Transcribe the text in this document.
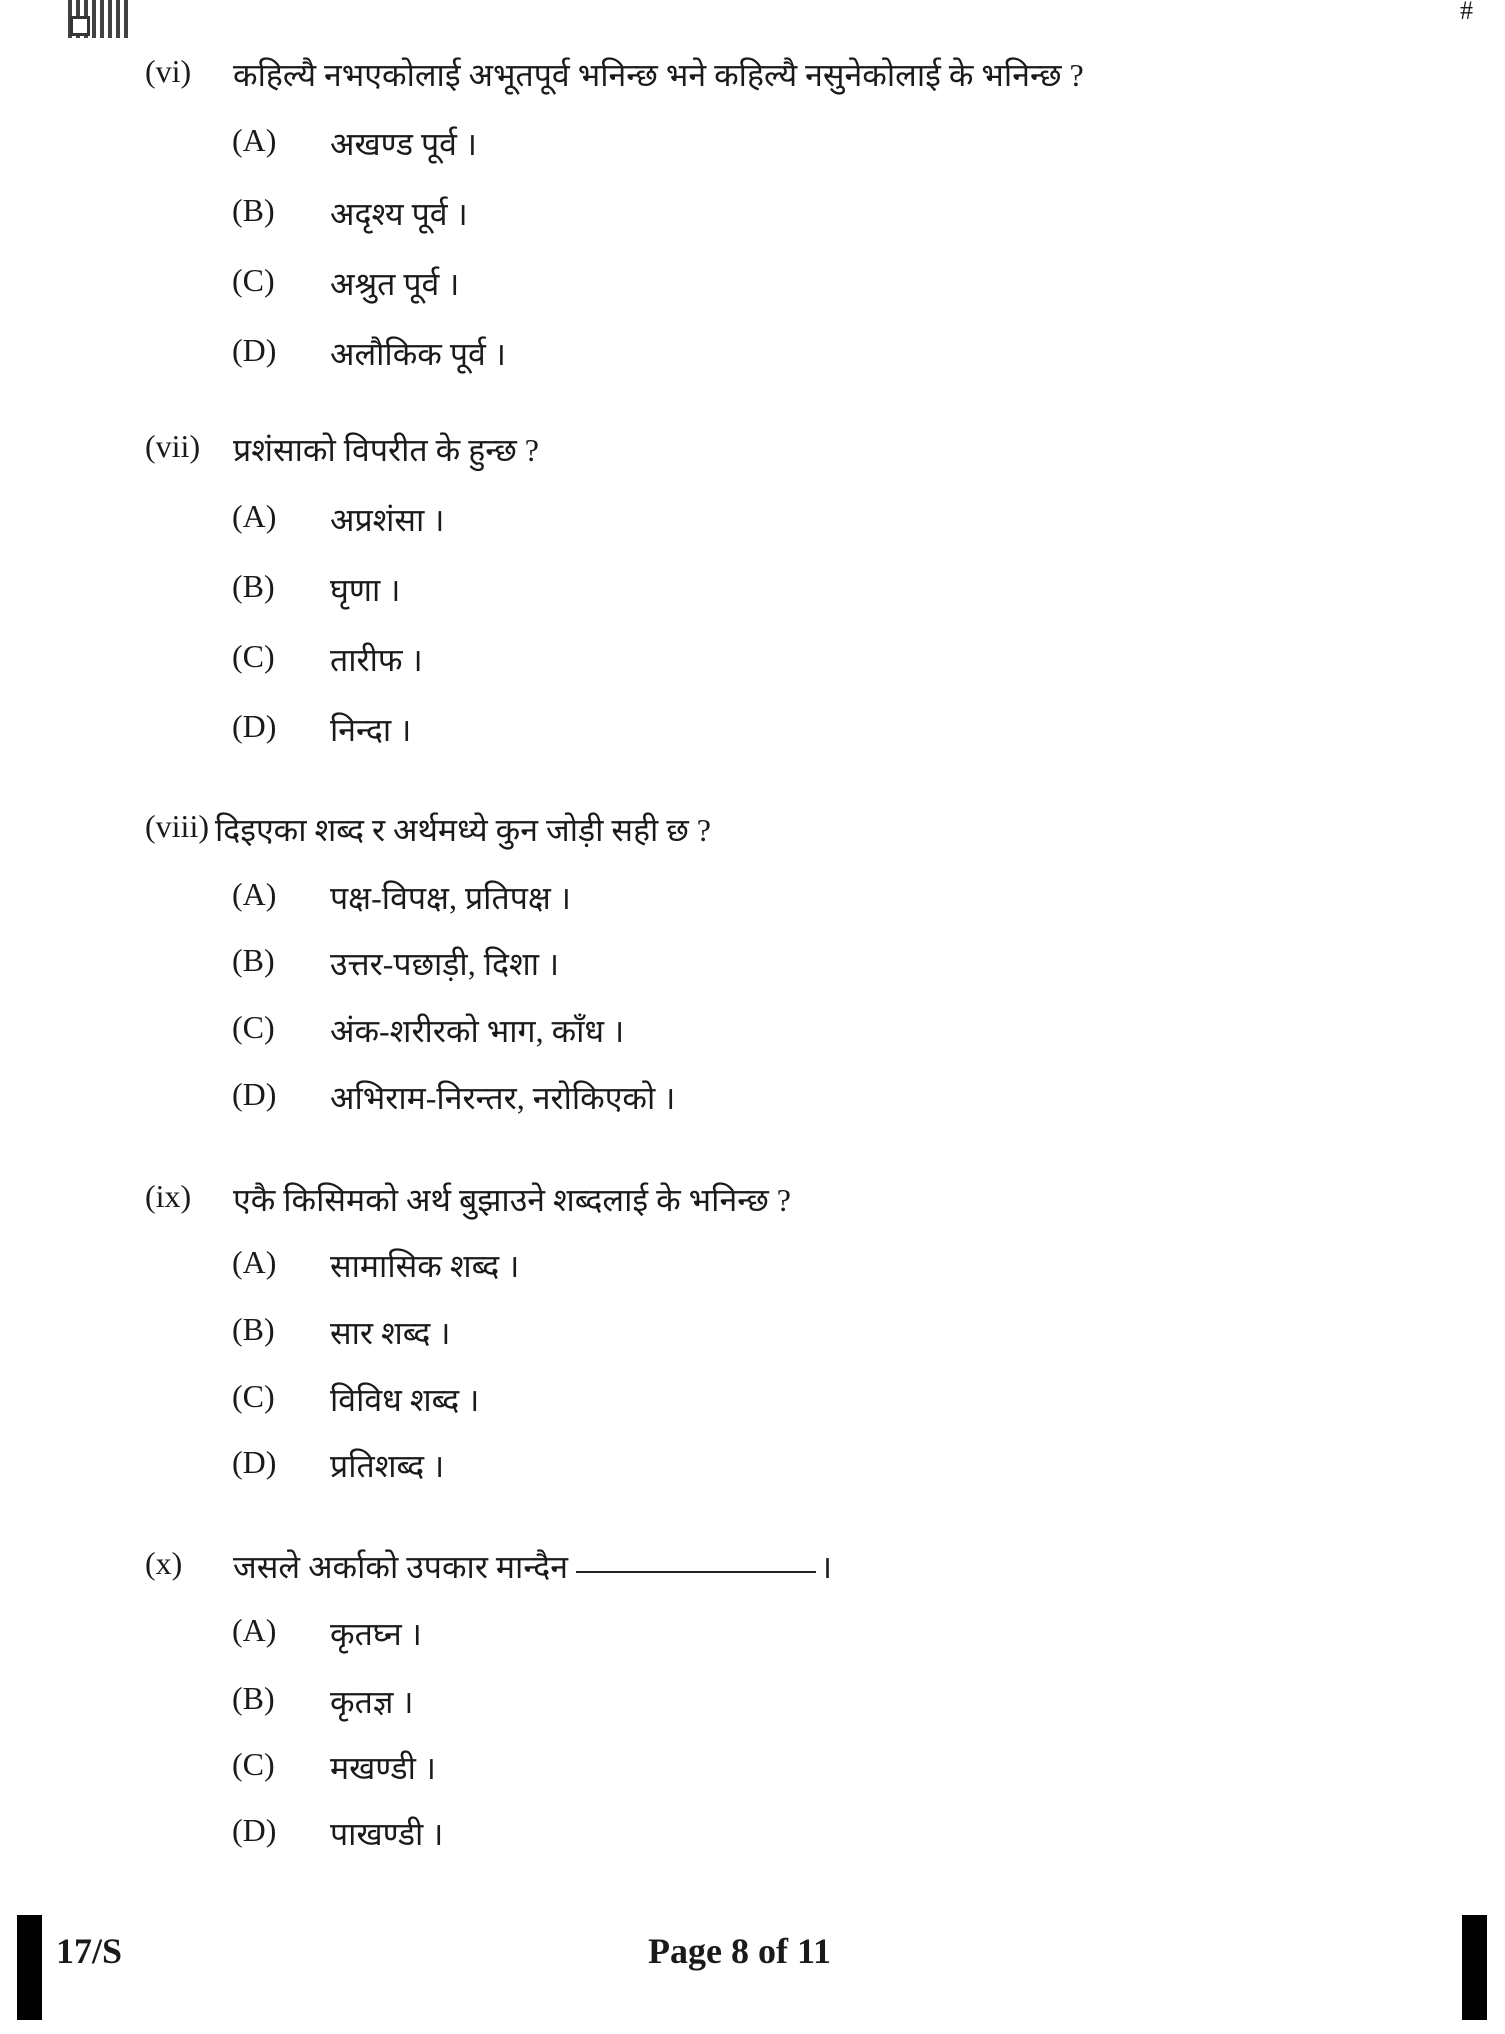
#
(vi)	कहिल्यै नभएकोलाई अभूतपूर्व भनिन्छ भने कहिल्यै नसुनेकोलाई के भनिन्छ ?
(A)	अखण्ड पूर्व ।
(B)	अदृश्य पूर्व ।
(C)	अश्रुत पूर्व ।
(D)	अलौकिक पूर्व ।
(vii)	प्रशंसाको विपरीत के हुन्छ ?
(A)	अप्रशंसा ।
(B)	घृणा ।
(C)	तारीफ ।
(D)	निन्दा ।
(viii) दिइएका शब्द र अर्थमध्ये कुन जोड़ी सही छ ?
(A)	पक्ष-विपक्ष, प्रतिपक्ष ।
(B)	उत्तर-पछाड़ी, दिशा ।
(C)	अंक-शरीरको भाग, काँध ।
(D)	अभिराम-निरन्तर, नरोकिएको ।
(ix)	एकै किसिमको अर्थ बुझाउने शब्दलाई के भनिन्छ ?
(A)	सामासिक शब्द ।
(B)	सार शब्द ।
(C)	विविध शब्द ।
(D)	प्रतिशब्द ।
(x)	जसले अर्काको उपकार मान्दैन	।
(A)	कृतघ्न ।
(B)	कृतज्ञ ।
(C)	मखण्डी ।
(D)	पाखण्डी ।
17/S	Page 8 of 11
